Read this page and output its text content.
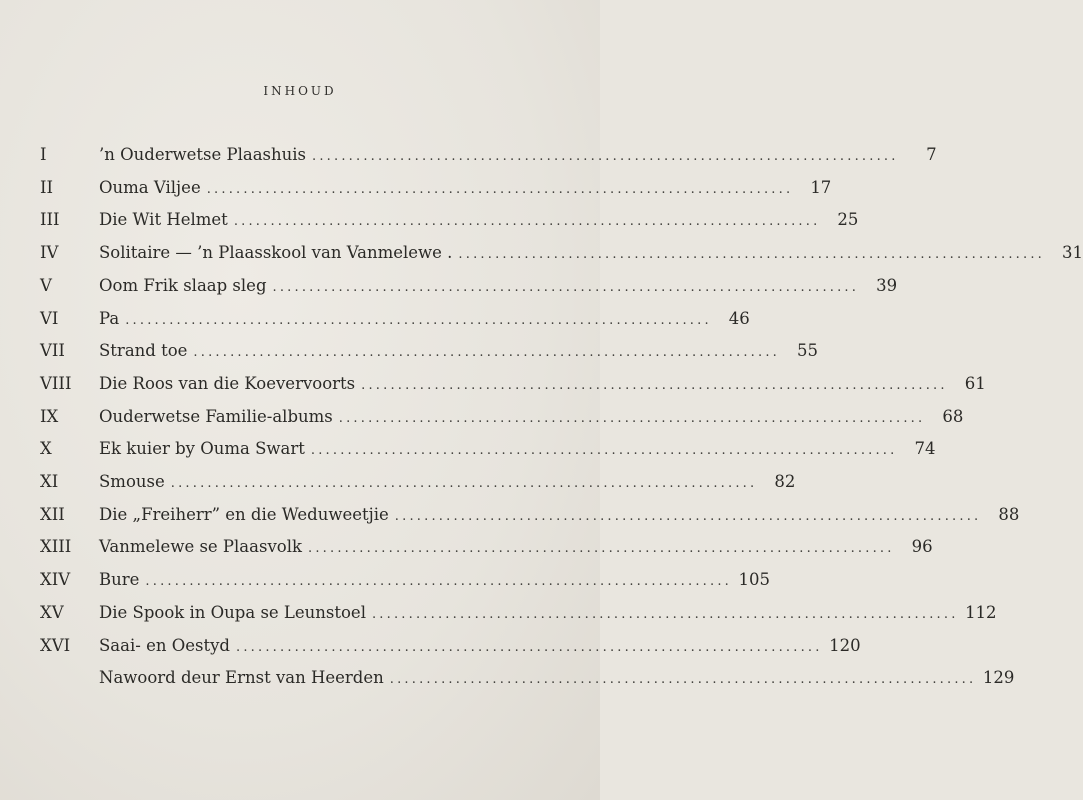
INHOUD
I	’n Ouderwetse Plaashuis ................................................................................	7
II	Ouma Viljee ................................................................................	17
III	Die Wit Helmet ................................................................................	25
IV	Solitaire — ’n Plaasskool van Vanmelewe . ................................................................................	31
V	Oom Frik slaap sleg ................................................................................	39
VI	Pa ................................................................................	46
VII	Strand toe ................................................................................	55
VIII	Die Roos van die Koevervoorts ................................................................................	61
IX	Ouderwetse Familie-albums ................................................................................	68
X	Ek kuier by Ouma Swart ................................................................................	74
XI	Smouse ................................................................................	82
XII	Die „Freiherr” en die Weduweetjie ................................................................................	88
XIII	Vanmelewe se Plaasvolk ................................................................................	96
XIV	Bure ................................................................................ 105
XV	Die Spook in Oupa se Leunstoel ................................................................................ 112
XVI	Saai- en Oestyd ................................................................................ 120
Nawoord deur Ernst van Heerden ................................................................................ 129
